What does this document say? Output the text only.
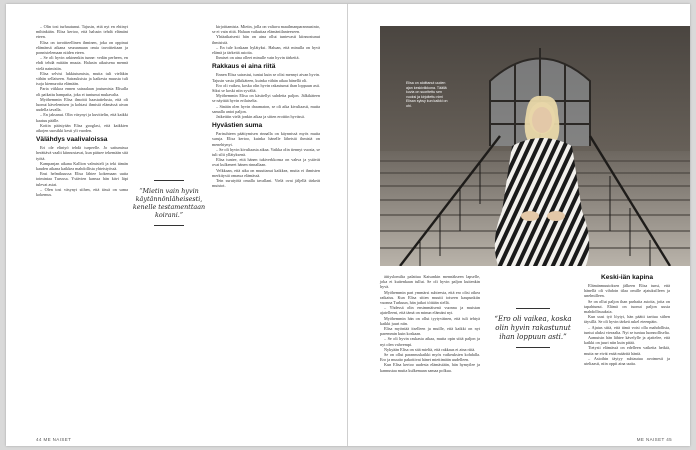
– Olin tosi turhautunut. Tajusin, että nyt en ehtinyt mihinkään. Elisa kertoo, että halusin tehdä elämäni eteen.

Elisa on tavoitteellinen ihminen, joka on oppinut elämänsä aikana seuraamaan omia tavoitteitaan ja ponnistelemaan niiden eteen.

– Se oli hyvin arkinenkin tunne: vedän perheen, en ehdi tehdä mitään muuta. Halusin aikuisena mennä vielä naimisiin.

Elisa selvisi lukkiutumista, mutta tuli vieläkin vähän sellaiseen. Sairauksista ja kaikesta muusta tuli isoja kiemuroita elämään.

Paria viikkoa ennen sairaalaan joutumista Elisalla oli paikattu hampaita, joka ei tuntunut mukavalta.

Myöhemmin Elisa ilmoitti haastattelusta, että oli luonut kävelemisen ja kohtasi ihmisiä elämässä aivan uudella tavalla.

– En jaksanut. Olin väsynyt ja kuvittelin, että kaikki kaatuu päälle.

Kotiin päästyään Elisa googlasi, että kaikkien aikojen suosikki kesti yli vuoden.

Välähdys vaalivaloissa

Eri ole elintyö tehdä turpeelle. Jo sattumissa herättävä vaalit kiinnostavat, kun pääsee tekemään sitä työtä.

Kampanjan aikana Kallion valmisteli ja teki tämän kauden aikana kaikkea mahdollista yhteistyössä.

Ensi helmikuussa Elisa lähtee kokemaan uutta toimintaa Turussa. Ystävien kanssa hän kävi läpi tulevat asiat.

– Olen tosi väsynyt siihen, että tässä on sama kokemus.	“Mietin vain hyvin käytännönläheisesti, kenelle testamenttaan koirani.”

kirjoittamista. Mietin, jolla on valtava maailmanparannusinto, se ei vain riitä. Haluan vaikuttaa elämäntilanteeseen.

Yhtäaikaisesti hän on aina ollut tuntevasti kiinnostunut ihmisistä.

– En tule koskaan hylätyksi. Haluan, että minulla on hyvä elämä ja tärkeitä asioita.

Ihmiset on aina olleet minulle vain hyvin tärkeitä.

Rakkaus ei aina riitä

Ennen Elisa sairastui, tuntui kuin se olisi mennyt aivan hyvin. Tajusin vasta jälkikäteen, kuinka vähän aikaa hänellä oli.

Ero oli vaikea, koska olin hyvin rakastunut ihan loppuun asti. Siksi se koski niin syvältä.

Myöhemmin Elisa on käsitellyt suhdetta paljon. Jälkikäteen se näyttää hyvin erilaiselta.

– Sinään olen hyvin draamaton, se oli aika kivuliaasti, mutta samalla antoi paljon.

Jatkettiin vielä jonkin aikaa ja sitten erottiin hyvässä.

Hyvästien suma

Parisuhteen päättymisen rinnalla on käynnissä myös muita suruja. Elisa kertoo, kuinka hänelle läheisiä ihmisiä on menehtynyt.

– Se oli hyvin kivuliaasta aikaa. Vaikka olin tiennyt vuosia, se tuli silti yllätyksenä.

Elisa tuntee, että hänen tukiverkkonsa on vahva ja ystävät ovat kulkeneet hänen rinnallaan.

Velkkaan, että aika on muuttanut kaikkea, mutta ei ihmisten merkitystä omassa elämässä.

Tein surutyötä omalla tavallani. Vielä ovat jäljellä tärkeät muistot.

44 ME NAISET
Elisa on aloittanut uuden ajan keskiviikkona. Täällä kuvia on suoritettu sen vuoksi ja kirjoitettu nimi Elisan syksy kun kaikki on ohi.

äitiyslomilta palattua Kaisankin mennäkseen lapselle, joka ei kuitenkaan tullut. Se oli hyvin paljon kuitenkin hyvä.

Myöhemmin pari ymmärsi suhteesta, että ero olisi oikea ratkaisu. Kun Elisa sitten muutti toiseen kaupunkiin vuonna Turkuun, hän jatkoi töitään siellä.

– Yhdessä olin ensimmäisenä vuonna ja muistan ajatelleeni, että tämä on minun elämäni nyt.

Myöhemmin hän on ollut tyytyväinen, että tuli tehtyä kaikki juuri niin.

Elisa myöntää itselleen ja muille, että kaikki on nyt paremmin kuin koskaan.

– Se oli hyvin raskasta aikaa, mutta opin siitä paljon ja nyt olen vahvempi.

Nykyään Elisa on sitä mieltä, että rakkaus ei aina riitä.

Se on ollut parannuskaikki myös vaikeuksien kohdalla. Ero ja muutto pakottivat hänet miettimään uudelleen.

Kun Elisa kertoo uudesta elämästään, hän hymyilee ja kannustaa muita kulkemaan samaa polkua.

“Ero oli vaikea, koska olin hyvin rakastunut ihan loppuun asti.”
Keski-iän kapina

Elämänmuutoksen jälkeen Elisa tunsi, että hänellä oli vihdoin tilaa omille ajatuksilleen ja unelmilleen.

Se on ollut paljon ihan parhaita asioita, joita on tapahtunut. Elämä on tuonut paljon uusia mahdollisuuksia.

Kun uusi työ löytyi, hän päätti tarttua siihen täysillä. Se oli hyvin tärkeä askel eteenpäin.

– Ajatus siitä, että tämä voisi olla mahdollista, tuntui aluksi vieraalta. Nyt se tuntuu luonnolliselta.

Aamuisin hän lähtee kävelylle ja ajattelee, että kaikki on juuri niin kuin pitää.

Tietysti elämässä on edelleen vaikeita hetkiä, mutta ne eivät enää määritä häntä.

– Asioihin täytyy suhtautua avoimesti ja uteliaasti, niin oppii aina uutta.

ME NAISET 45
